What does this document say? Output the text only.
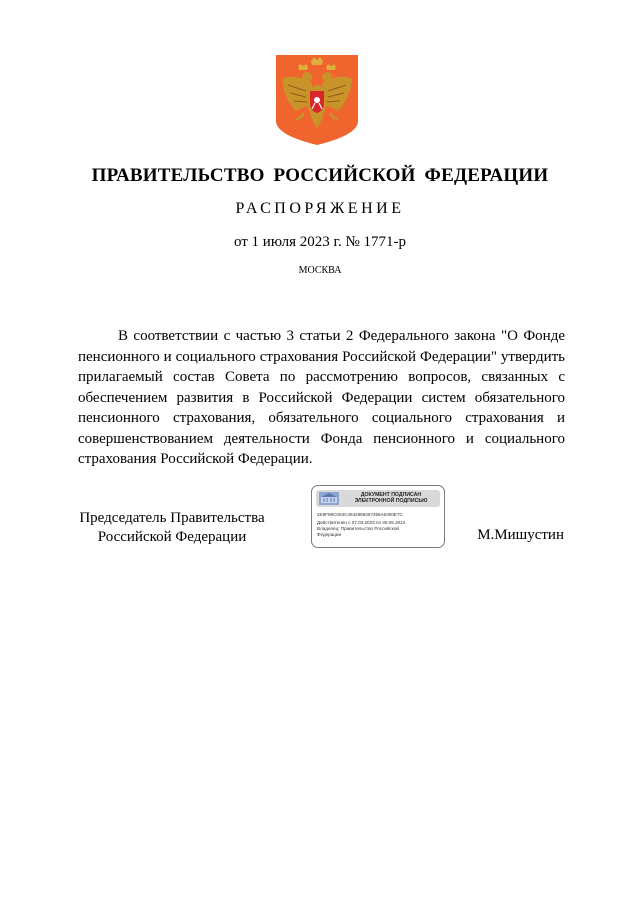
ПРАВИТЕЛЬСТВО РОССИЙСКОЙ ФЕДЕРАЦИИ
РАСПОРЯЖЕНИЕ
от 1 июля 2023 г. № 1771-р
МОСКВА

В соответствии с частью 3 статьи 2 Федерального закона "О Фонде пенсионного и социального страхования Российской Федерации" утвердить прилагаемый состав Совета по рассмотрению вопросов, связанных с обеспечением развития в Российской Федерации систем обязательного пенсионного страхования, обязательного социального страхования и совершенствованием деятельности Фонда пенсионного и социального страхования Российской Федерации.

Председатель Правительства
Российской Федерации
ДОКУМЕНТ ПОДПИСАН
ЭЛЕКТРОННОЙ ПОДПИСЬЮ
2E6F99C053C4642886367358A6300E7C
Действителен с 07.03.2023 по 30.05.2024
Владелец: Правительство Российской
Федерации	М.Мишустин
